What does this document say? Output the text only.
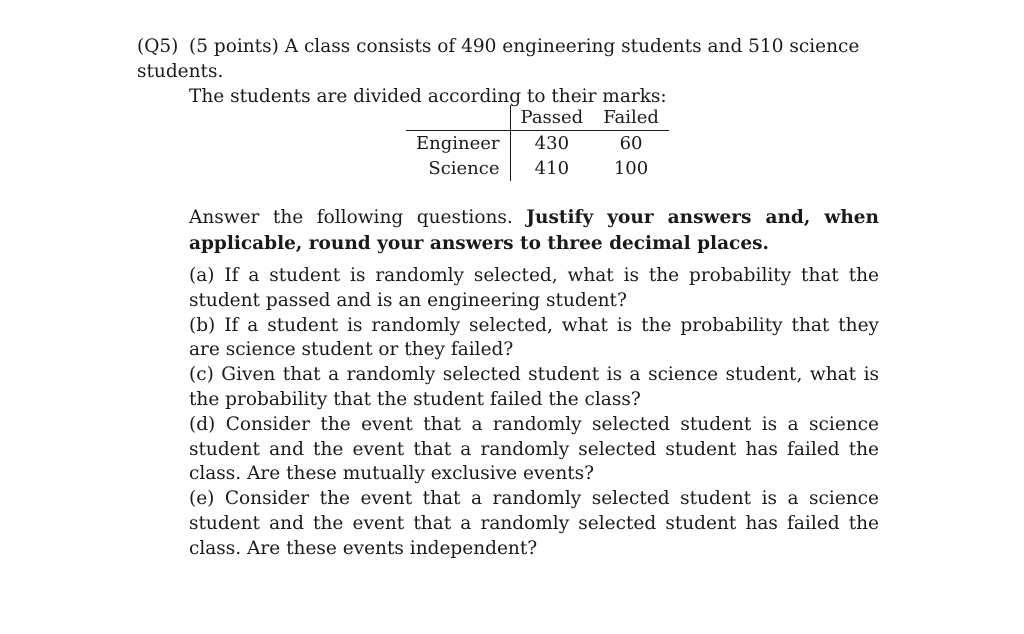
(Q5) (5 points) A class consists of 490 engineering students and 510 science students.
The students are divided according to their marks:
	Passed	Failed
Engineer	430	60
Science	410	100
Answer the following questions. Justify your answers and, when applicable, round your answers to three decimal places.

(a) If a student is randomly selected, what is the probability that the student passed and is an engineering student?

(b) If a student is randomly selected, what is the probability that they are science student or they failed?

(c) Given that a randomly selected student is a science student, what is the probability that the student failed the class?

(d) Consider the event that a randomly selected student is a science student and the event that a randomly selected student has failed the class. Are these mutually exclusive events?

(e) Consider the event that a randomly selected student is a science student and the event that a randomly selected student has failed the class. Are these events independent?
